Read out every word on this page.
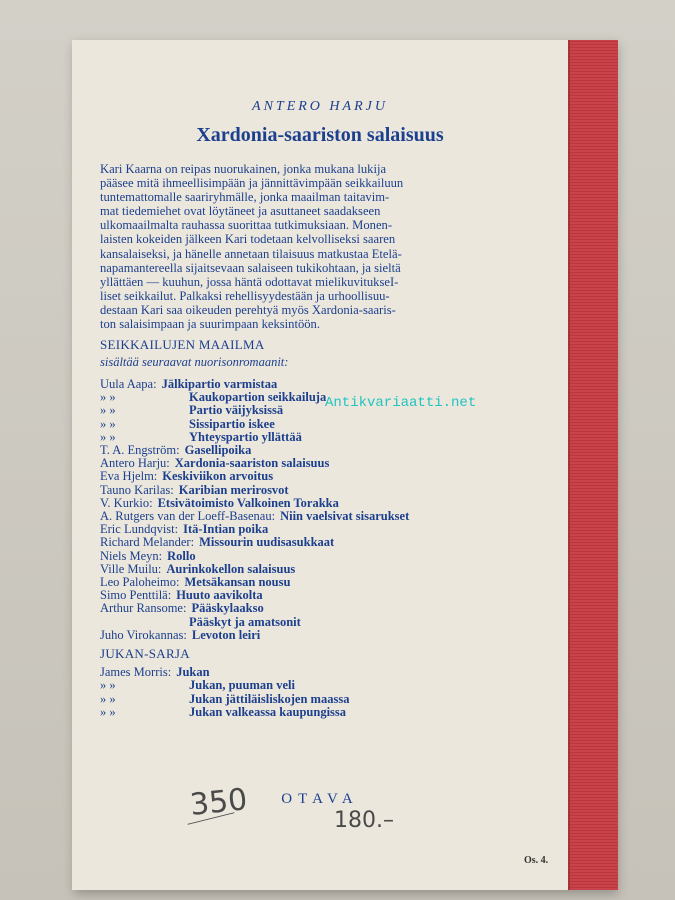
ANTERO HARJU
Xardonia-saariston salaisuus
Kari Kaarna on reipas nuorukainen, jonka mukana lukija
pääsee mitä ihmeellisimpään ja jännittävimpään seikkailuun
tuntemattomalle saariryhmälle, jonka maailman taitavim-
mat tiedemiehet ovat löytäneet ja asuttaneet saadakseen
ulkomaailmalta rauhassa suorittaa tutkimuksiaan. Monen-
laisten kokeiden jälkeen Kari todetaan kelvolliseksi saaren
kansalaiseksi, ja hänelle annetaan tilaisuus matkustaa Etelä-
napamantereella sijaitsevaan salaiseen tukikohtaan, ja sieltä
yllättäen — kuuhun, jossa häntä odottavat mielikuvitukseI-
liset seikkailut. Palkaksi rehellisyydestään ja urhoollisuu-
destaan Kari saa oikeuden perehtyä myös Xardonia-saaris-
ton salaisimpaan ja suurimpaan keksintöön.
SEIKKAILUJEN MAAILMA
sisältää seuraavat nuorisonromaanit:
Uula Aapa: Jälkipartio varmistaa
» »	Kaukopartion seikkailuja
» »	Partio väijyksissä
» »	Sissipartio iskee
» »	Yhteyspartio yllättää
T. A. Engström: Gasellipoika
Antero Harju: Xardonia-saariston salaisuus
Eva Hjelm: Keskiviikon arvoitus
Tauno Karilas: Karibian merirosvot
V. Kurkio: Etsivätoimisto Valkoinen Torakka
A. Rutgers van der Loeff-Basenau: Niin vaelsivat sisarukset
Eric Lundqvist: Itä-Intian poika
Richard Melander: Missourin uudisasukkaat
Niels Meyn: Rollo
Ville Muilu: Aurinkokellon salaisuus
Leo Paloheimo: Metsäkansan nousu
Simo Penttilä: Huuto aavikolta
Arthur Ransome: Pääskylaakso
Pääskyt ja amatsonit
Juho Virokannas: Levoton leiri
JUKAN-SARJA
James Morris: Jukan
» »	Jukan, puuman veli
» »	Jukan jättiläisliskojen maassa
» »	Jukan valkeassa kaupungissa
OTAVA
Os. 4.
350	180.–
Antikvariaatti.net
